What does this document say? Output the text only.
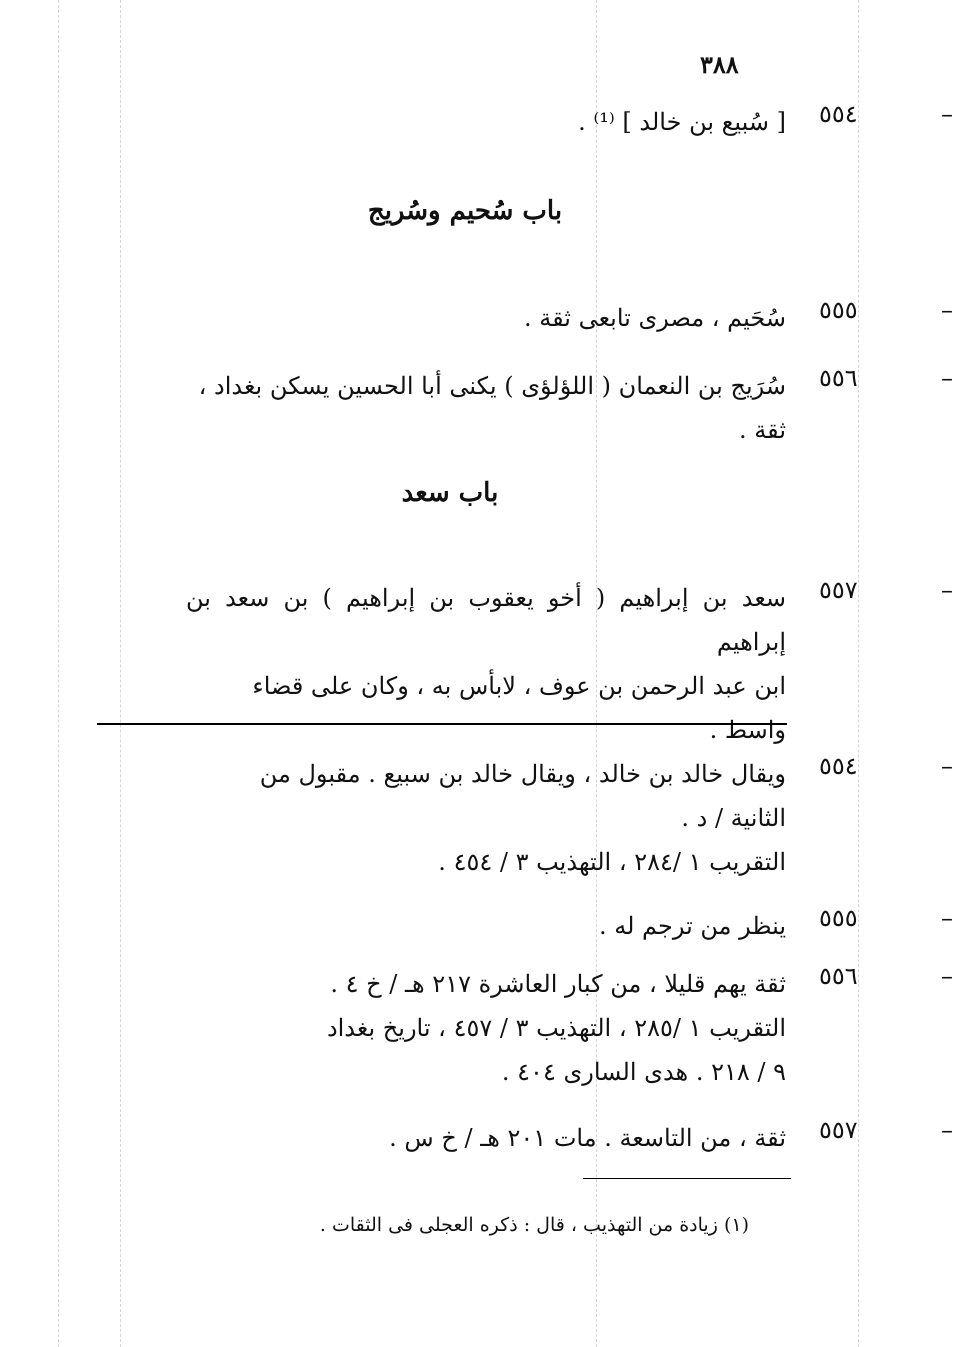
٣٨٨
٥٥٤	–
[ سُبيع بن خالد ] ⁽¹⁾ .
باب سُحيم وسُريج
٥٥٥	–
سُحَيم ، مصرى تابعى ثقة .
٥٥٦	–
سُرَيج بن النعمان ( اللؤلؤى ) يكنى أبا الحسين يسكن بغداد ،
ثقة .
باب سعد
٥٥٧	–
سعد بن إبراهيم ( أخو يعقوب بن إبراهيم ) بن سعد بن إبراهيم
ابن عبد الرحمن بن عوف ، لابأس به ، وكان على قضاء
واسط .
٥٥٤	–
ويقال خالد بن خالد ، ويقال خالد بن سبيع . مقبول من
الثانية / د .
التقريب ١ /٢٨٤ ، التهذيب ٣ / ٤٥٤ .
٥٥٥	–
ينظر من ترجم له .
٥٥٦	–
ثقة يهم قليلا ، من كبار العاشرة ٢١٧ هـ / خ ٤ .
التقريب ١ /٢٨٥ ، التهذيب ٣ / ٤٥٧ ، تاريخ بغداد
٩ / ٢١٨ . هدى السارى ٤٠٤ .
٥٥٧	–
ثقة ، من التاسعة . مات ٢٠١ هـ / خ س .
(١) زيادة من التهذيب ، قال : ذكره العجلى فى الثقات .
